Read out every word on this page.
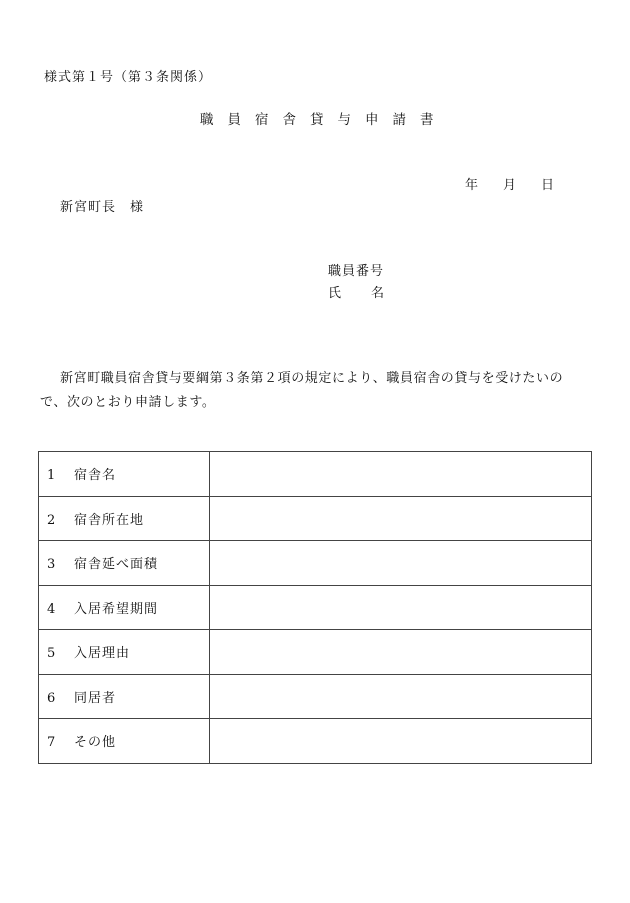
様式第１号（第３条関係）
職員宿舎貸与申請書
年 月 日
新宮町長 様
職員番号
氏 名
新宮町職員宿舎貸与要綱第３条第２項の規定により、職員宿舎の貸与を受けたいので、次のとおり申請します。
1 宿舎名	
2 宿舎所在地	
3 宿舎延べ面積	
4 入居希望期間	
5 入居理由	
6 同居者	
7 その他	
